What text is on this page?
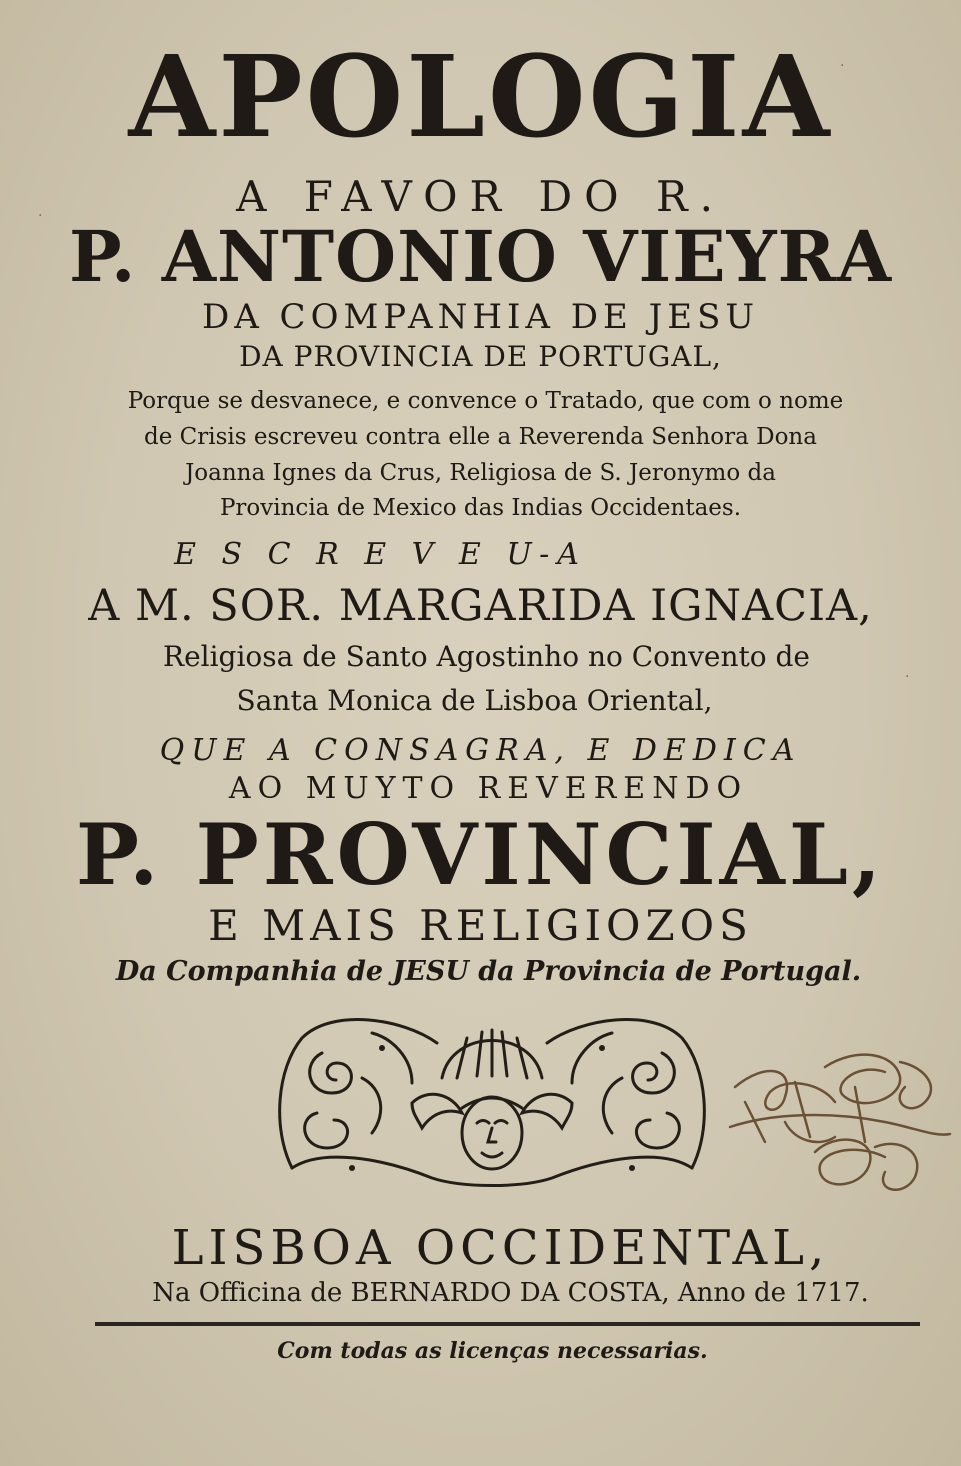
APOLOGIA
A FAVOR DO R.
P. ANTONIO VIEYRA
DA COMPANHIA DE JESU
DA PROVINCIA DE PORTUGAL,
Porque se desvanece, e convence o Tratado, que com o nome
de Crisis escreveu contra elle a Reverenda Senhora Dona
Joanna Ignes da Crus, Religiosa de S. Jeronymo da
Provincia de Mexico das Indias Occidentaes.
E S C R E V E U-A
A M. SOR. MARGARIDA IGNACIA,
Religiosa de Santo Agostinho no Convento de
Santa Monica de Lisboa Oriental,
QUE A CONSAGRA, E DEDICA
AO MUYTO REVERENDO
P. PROVINCIAL,
E MAIS RELIGIOZOS
Da Companhia de JESU da Provincia de Portugal.
LISBOA OCCIDENTAL,
Na Officina de BERNARDO DA COSTA, Anno de 1717.
Com todas as licenças necessarias.
·
·
·
